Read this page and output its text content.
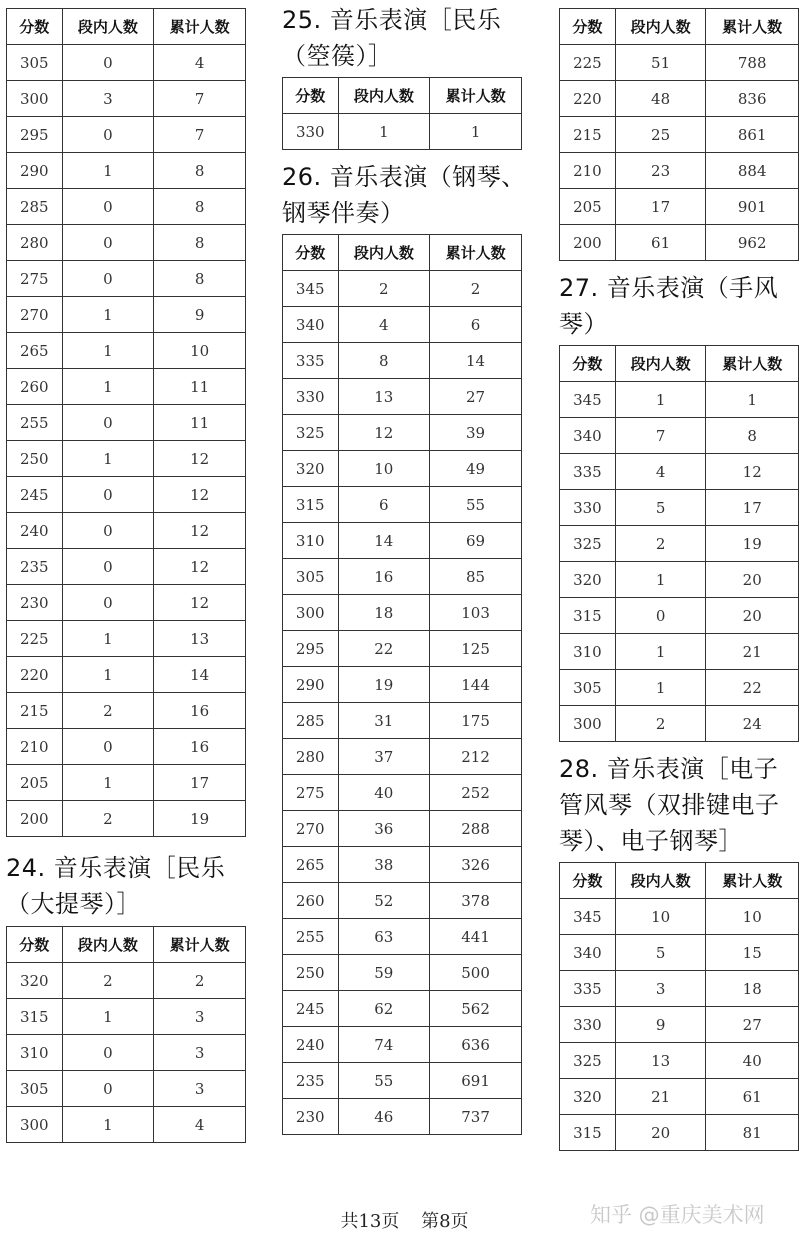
分数	段内人数	累计人数
305	0	4
300	3	7
295	0	7
290	1	8
285	0	8
280	0	8
275	0	8
270	1	9
265	1	10
260	1	11
255	0	11
250	1	12
245	0	12
240	0	12
235	0	12
230	0	12
225	1	13
220	1	14
215	2	16
210	0	16
205	1	17
200	2	19
24. 音乐表演［民乐
（大提琴）］
分数	段内人数	累计人数
320	2	2
315	1	3
310	0	3
305	0	3
300	1	4
25. 音乐表演［民乐
（箜篌）］
分数	段内人数	累计人数
330	1	1
26. 音乐表演（钢琴、
钢琴伴奏）
分数	段内人数	累计人数
345	2	2
340	4	6
335	8	14
330	13	27
325	12	39
320	10	49
315	6	55
310	14	69
305	16	85
300	18	103
295	22	125
290	19	144
285	31	175
280	37	212
275	40	252
270	36	288
265	38	326
260	52	378
255	63	441
250	59	500
245	62	562
240	74	636
235	55	691
230	46	737
分数	段内人数	累计人数
225	51	788
220	48	836
215	25	861
210	23	884
205	17	901
200	61	962
27. 音乐表演（手风
琴）
分数	段内人数	累计人数
345	1	1
340	7	8
335	4	12
330	5	17
325	2	19
320	1	20
315	0	20
310	1	21
305	1	22
300	2	24
28. 音乐表演［电子
管风琴（双排键电子
琴）、电子钢琴］
分数	段内人数	累计人数
345	10	10
340	5	15
335	3	18
330	9	27
325	13	40
320	21	61
315	20	81
共13页 第8页	知乎 @重庆美术网
